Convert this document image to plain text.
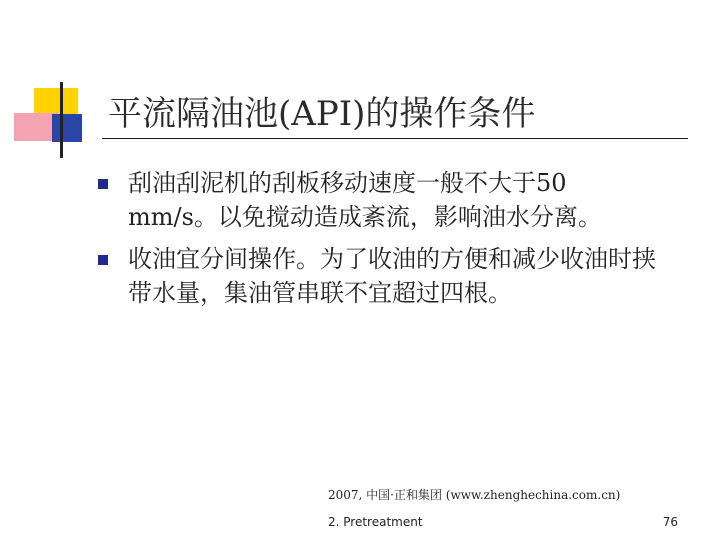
平流隔油池(API)的操作条件
刮油刮泥机的刮板移动速度一般不大于50 mm/s。以免搅动造成紊流，影响油水分离。
收油宜分间操作。为了收油的方便和减少收油时挟带水量，集油管串联不宜超过四根。
2007, 中国·正和集团 (www.zhenghechina.com.cn)
2. Pretreatment	76
